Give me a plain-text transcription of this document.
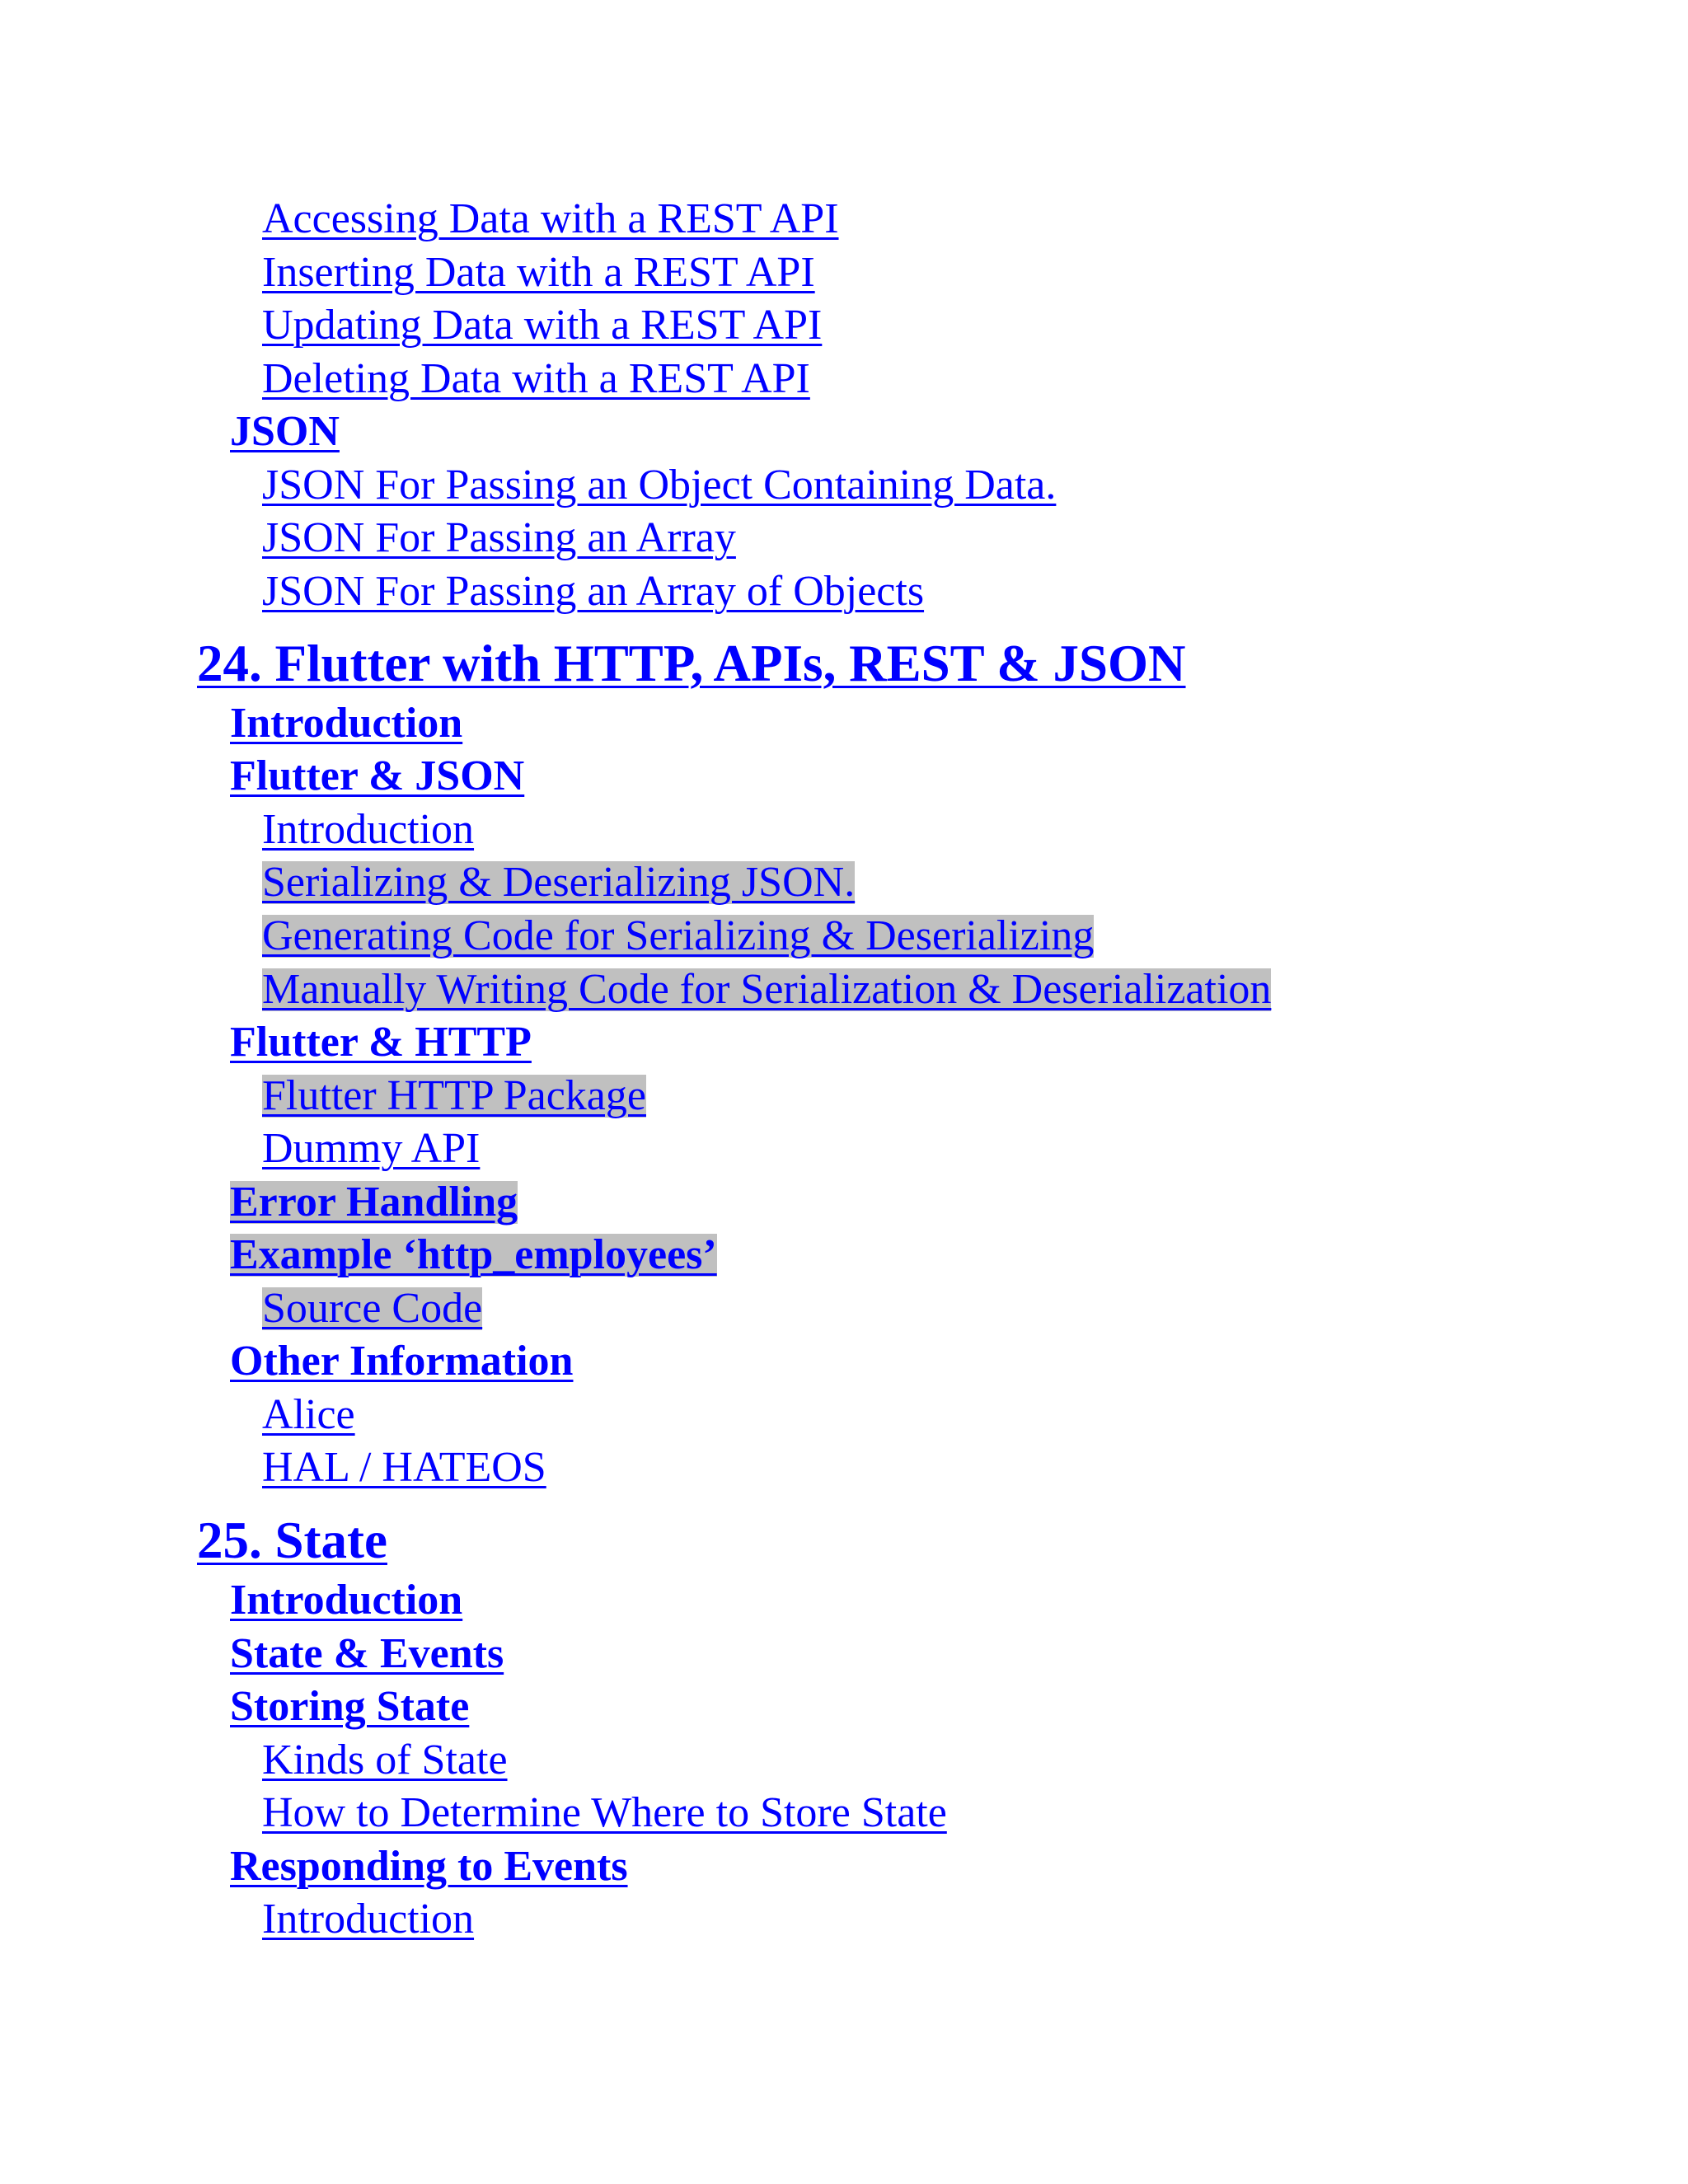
Accessing Data with a REST API
Inserting Data with a REST API
Updating Data with a REST API
Deleting Data with a REST API
JSON
JSON For Passing an Object Containing Data.
JSON For Passing an Array
JSON For Passing an Array of Objects
24. Flutter with HTTP, APIs, REST & JSON
Introduction
Flutter & JSON
Introduction
Serializing & Deserializing JSON.
Generating Code for Serializing & Deserializing
Manually Writing Code for Serialization & Deserialization
Flutter & HTTP
Flutter HTTP Package
Dummy API
Error Handling
Example ‘http_employees’
Source Code
Other Information
Alice
HAL / HATEOS
25. State
Introduction
State & Events
Storing State
Kinds of State
How to Determine Where to Store State
Responding to Events
Introduction
